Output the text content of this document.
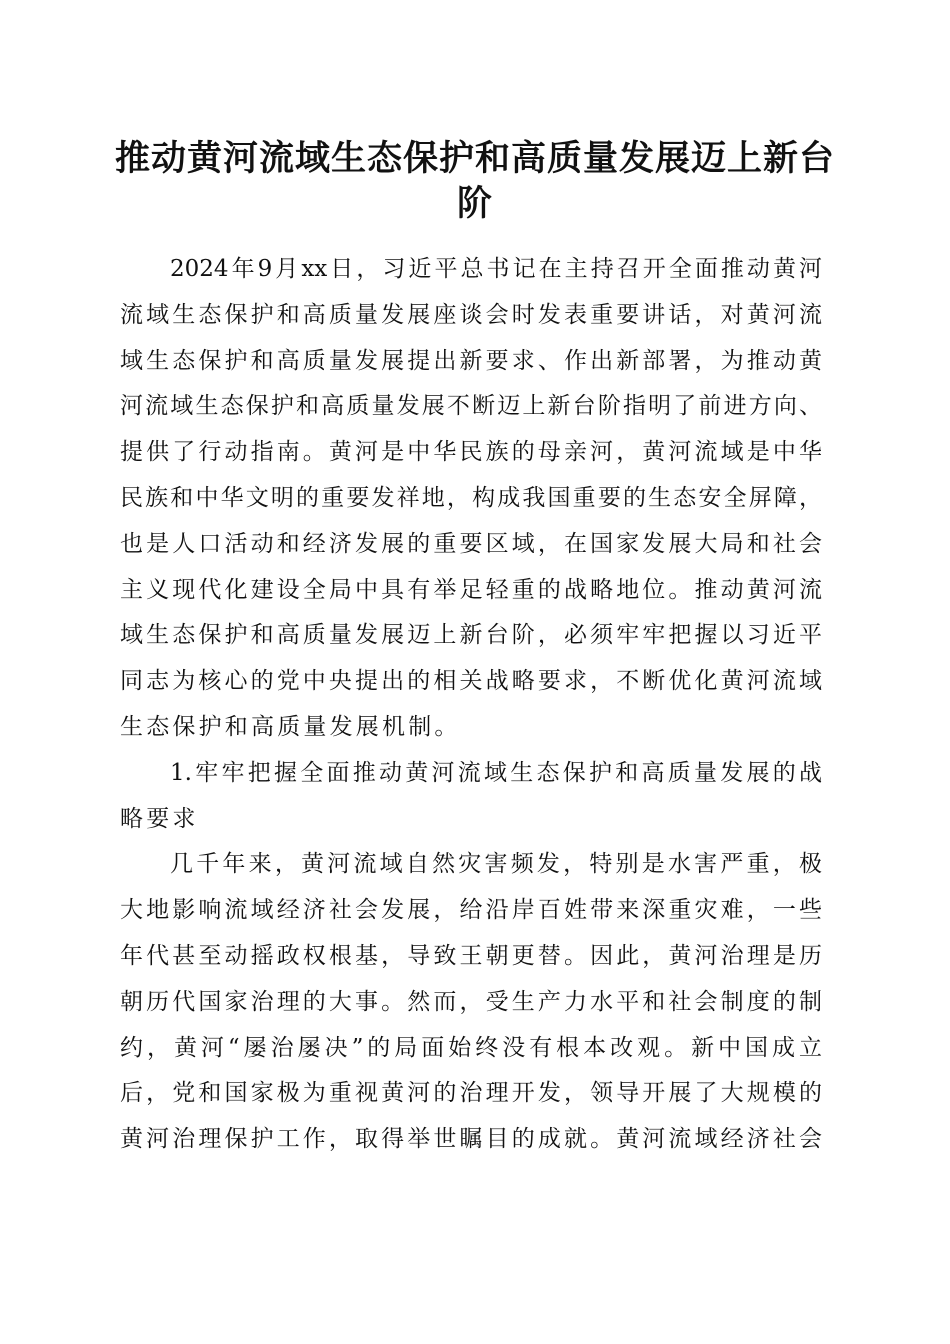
推动黄河流域生态保护和高质量发展迈上新台
阶
2024年9月xx日，习近平总书记在主持召开全面推动黄河
流域生态保护和高质量发展座谈会时发表重要讲话，对黄河流
域生态保护和高质量发展提出新要求、作出新部署，为推动黄
河流域生态保护和高质量发展不断迈上新台阶指明了前进方向、
提供了行动指南。黄河是中华民族的母亲河，黄河流域是中华
民族和中华文明的重要发祥地，构成我国重要的生态安全屏障，
也是人口活动和经济发展的重要区域，在国家发展大局和社会
主义现代化建设全局中具有举足轻重的战略地位。推动黄河流
域生态保护和高质量发展迈上新台阶，必须牢牢把握以习近平
同志为核心的党中央提出的相关战略要求，不断优化黄河流域
生态保护和高质量发展机制。
1.牢牢把握全面推动黄河流域生态保护和高质量发展的战
略要求
几千年来，黄河流域自然灾害频发，特别是水害严重，极
大地影响流域经济社会发展，给沿岸百姓带来深重灾难，一些
年代甚至动摇政权根基，导致王朝更替。因此，黄河治理是历
朝历代国家治理的大事。然而，受生产力水平和社会制度的制
约，黄河“屡治屡决”的局面始终没有根本改观。新中国成立
后，党和国家极为重视黄河的治理开发，领导开展了大规模的
黄河治理保护工作，取得举世瞩目的成就。黄河流域经济社会
